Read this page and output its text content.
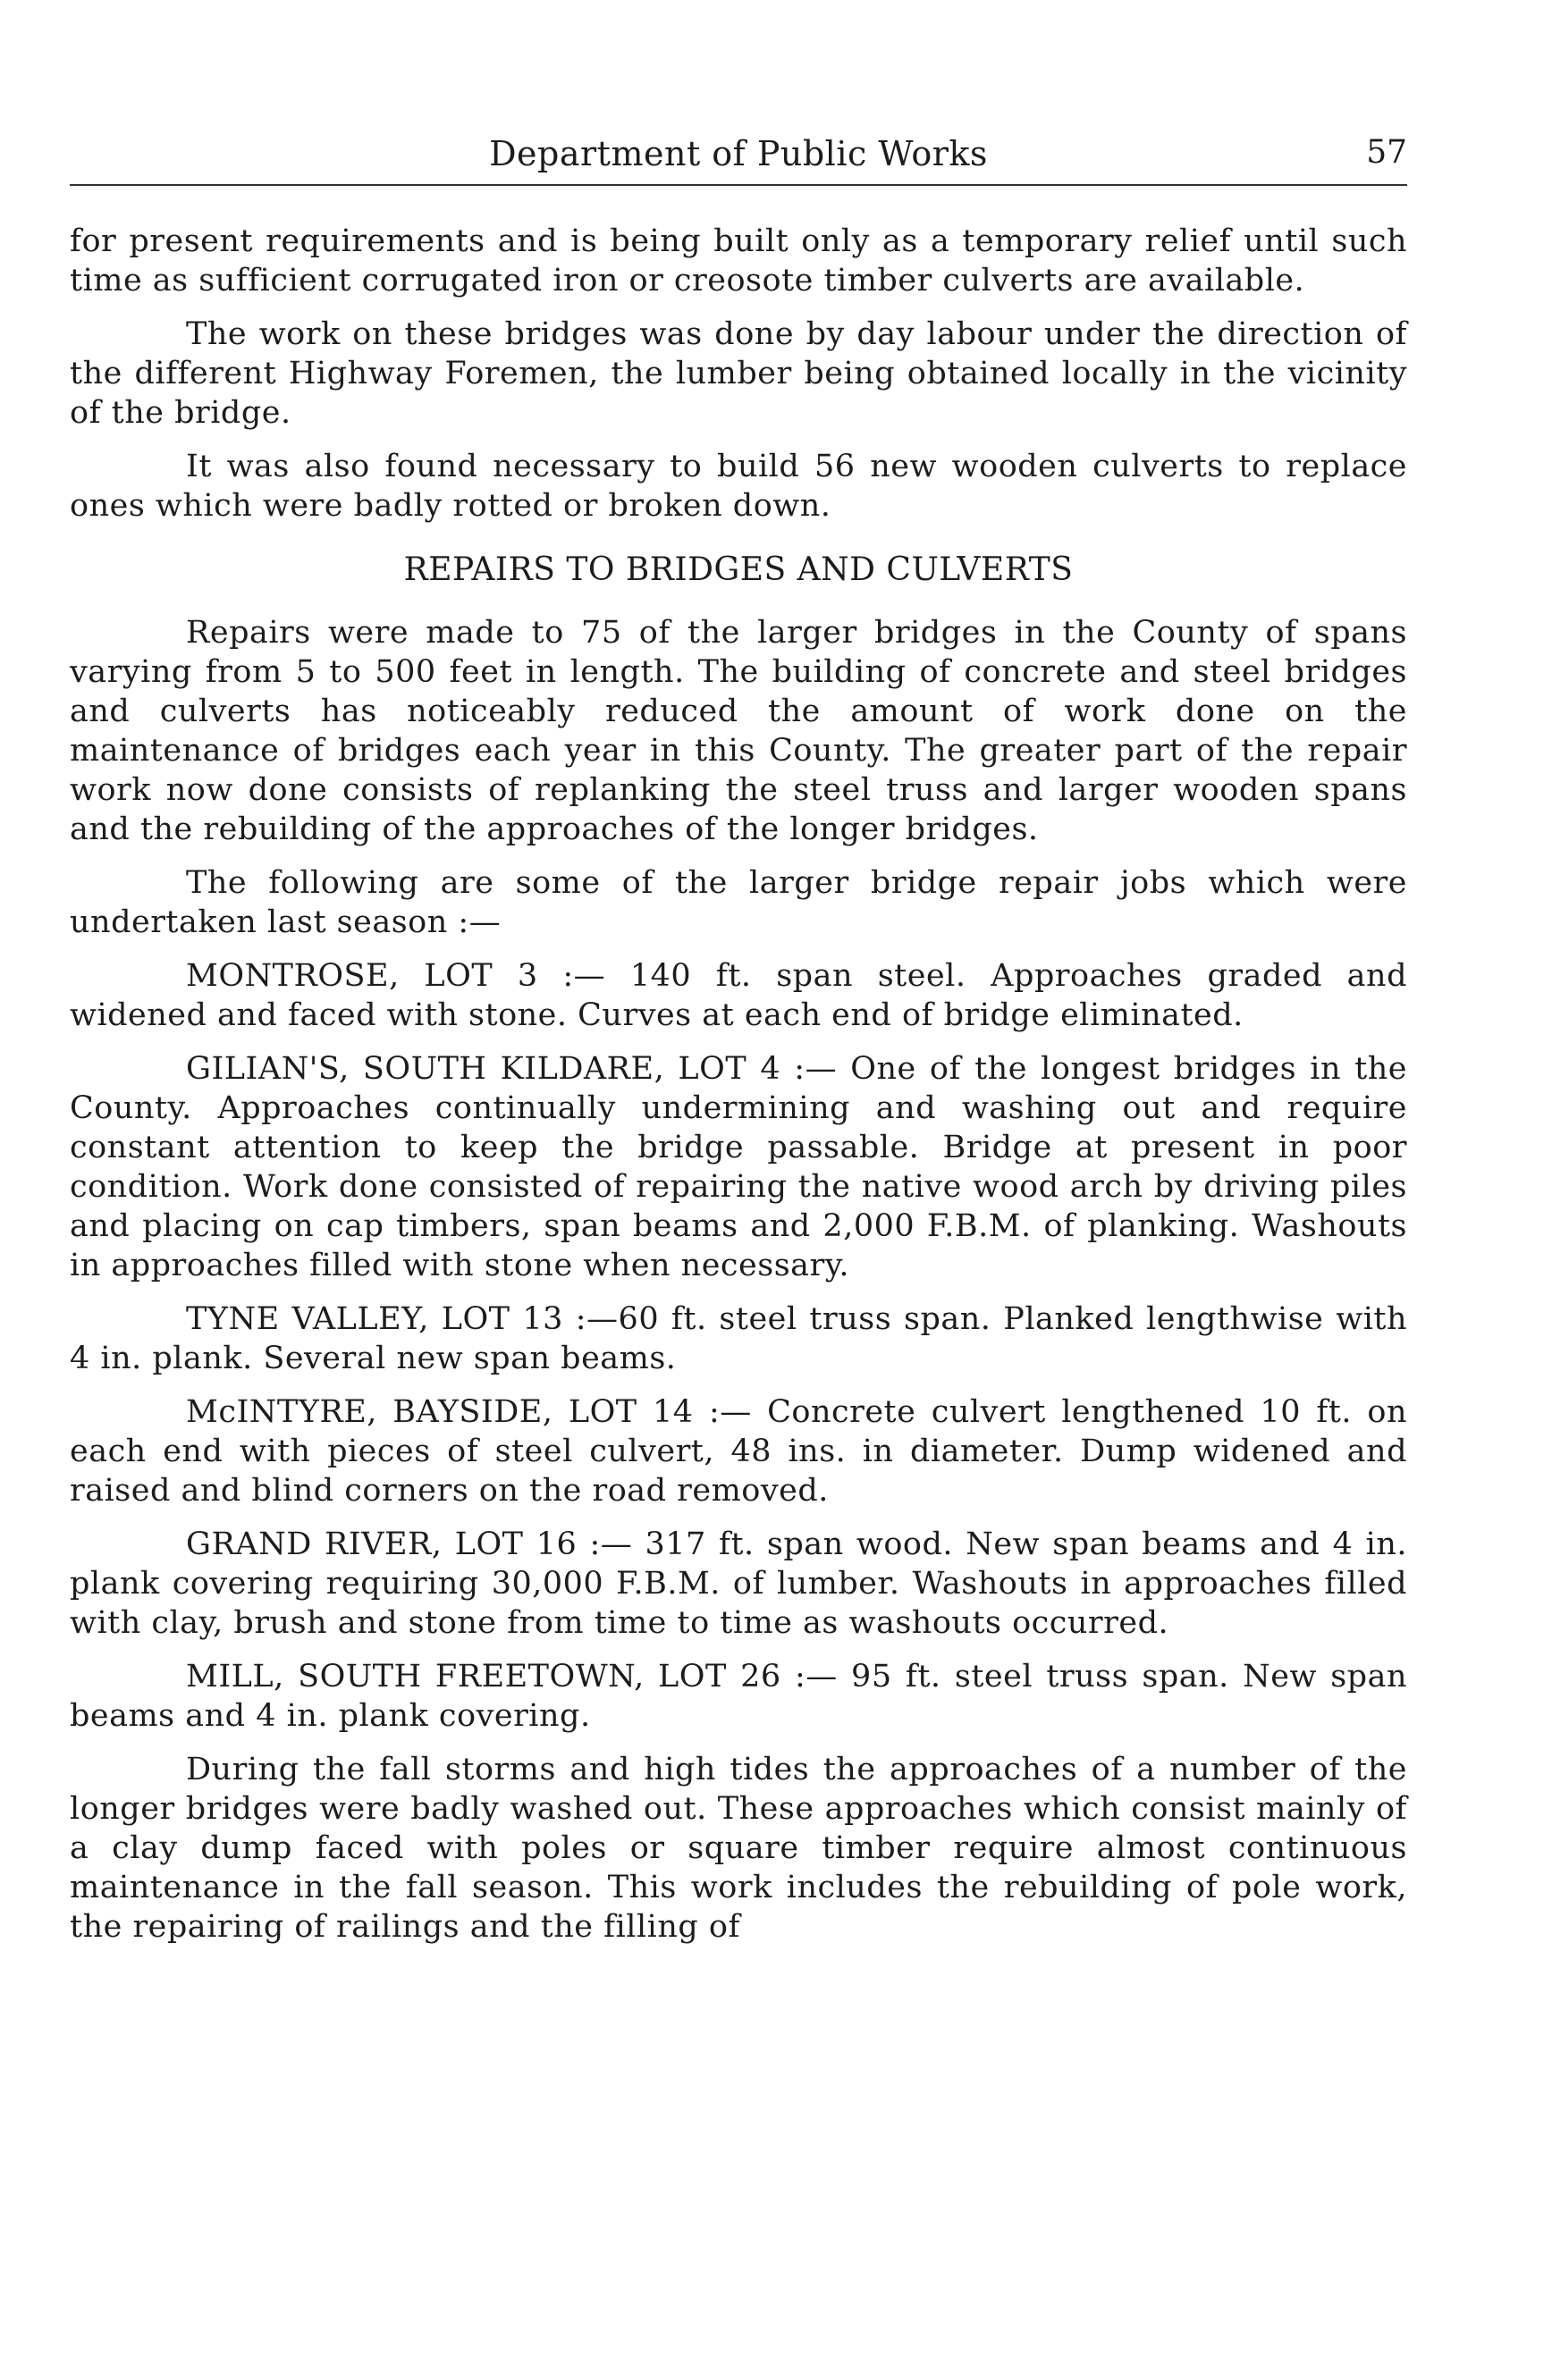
Department of Public Works	57

for present requirements and is being built only as a temporary relief until such time as sufficient corrugated iron or creosote timber culverts are available.

The work on these bridges was done by day labour under the direction of the different Highway Foremen, the lumber being obtained locally in the vicinity of the bridge.

It was also found necessary to build 56 new wooden culverts to replace ones which were badly rotted or broken down.

REPAIRS TO BRIDGES AND CULVERTS

Repairs were made to 75 of the larger bridges in the County of spans varying from 5 to 500 feet in length. The building of concrete and steel bridges and culverts has noticeably reduced the amount of work done on the maintenance of bridges each year in this County. The greater part of the repair work now done consists of replanking the steel truss and larger wooden spans and the rebuilding of the approaches of the longer bridges.

The following are some of the larger bridge repair jobs which were undertaken last season :—

MONTROSE, LOT 3 :— 140 ft. span steel. Approaches graded and widened and faced with stone. Curves at each end of bridge eliminated.

GILIAN'S, SOUTH KILDARE, LOT 4 :— One of the longest bridges in the County. Approaches continually undermining and washing out and require constant attention to keep the bridge passable. Bridge at present in poor condition. Work done consisted of repairing the native wood arch by driving piles and placing on cap timbers, span beams and 2,000 F.B.M. of planking. Washouts in approaches filled with stone when necessary.

TYNE VALLEY, LOT 13 :—60 ft. steel truss span. Planked lengthwise with 4 in. plank. Several new span beams.

McINTYRE, BAYSIDE, LOT 14 :— Concrete culvert lengthened 10 ft. on each end with pieces of steel culvert, 48 ins. in diameter. Dump widened and raised and blind corners on the road removed.

GRAND RIVER, LOT 16 :— 317 ft. span wood. New span beams and 4 in. plank covering requiring 30,000 F.B.M. of lumber. Washouts in approaches filled with clay, brush and stone from time to time as washouts occurred.

MILL, SOUTH FREETOWN, LOT 26 :— 95 ft. steel truss span. New span beams and 4 in. plank covering.

During the fall storms and high tides the approaches of a number of the longer bridges were badly washed out. These approaches which consist mainly of a clay dump faced with poles or square timber require almost continuous maintenance in the fall season. This work includes the rebuilding of pole work, the repairing of railings and the filling of
